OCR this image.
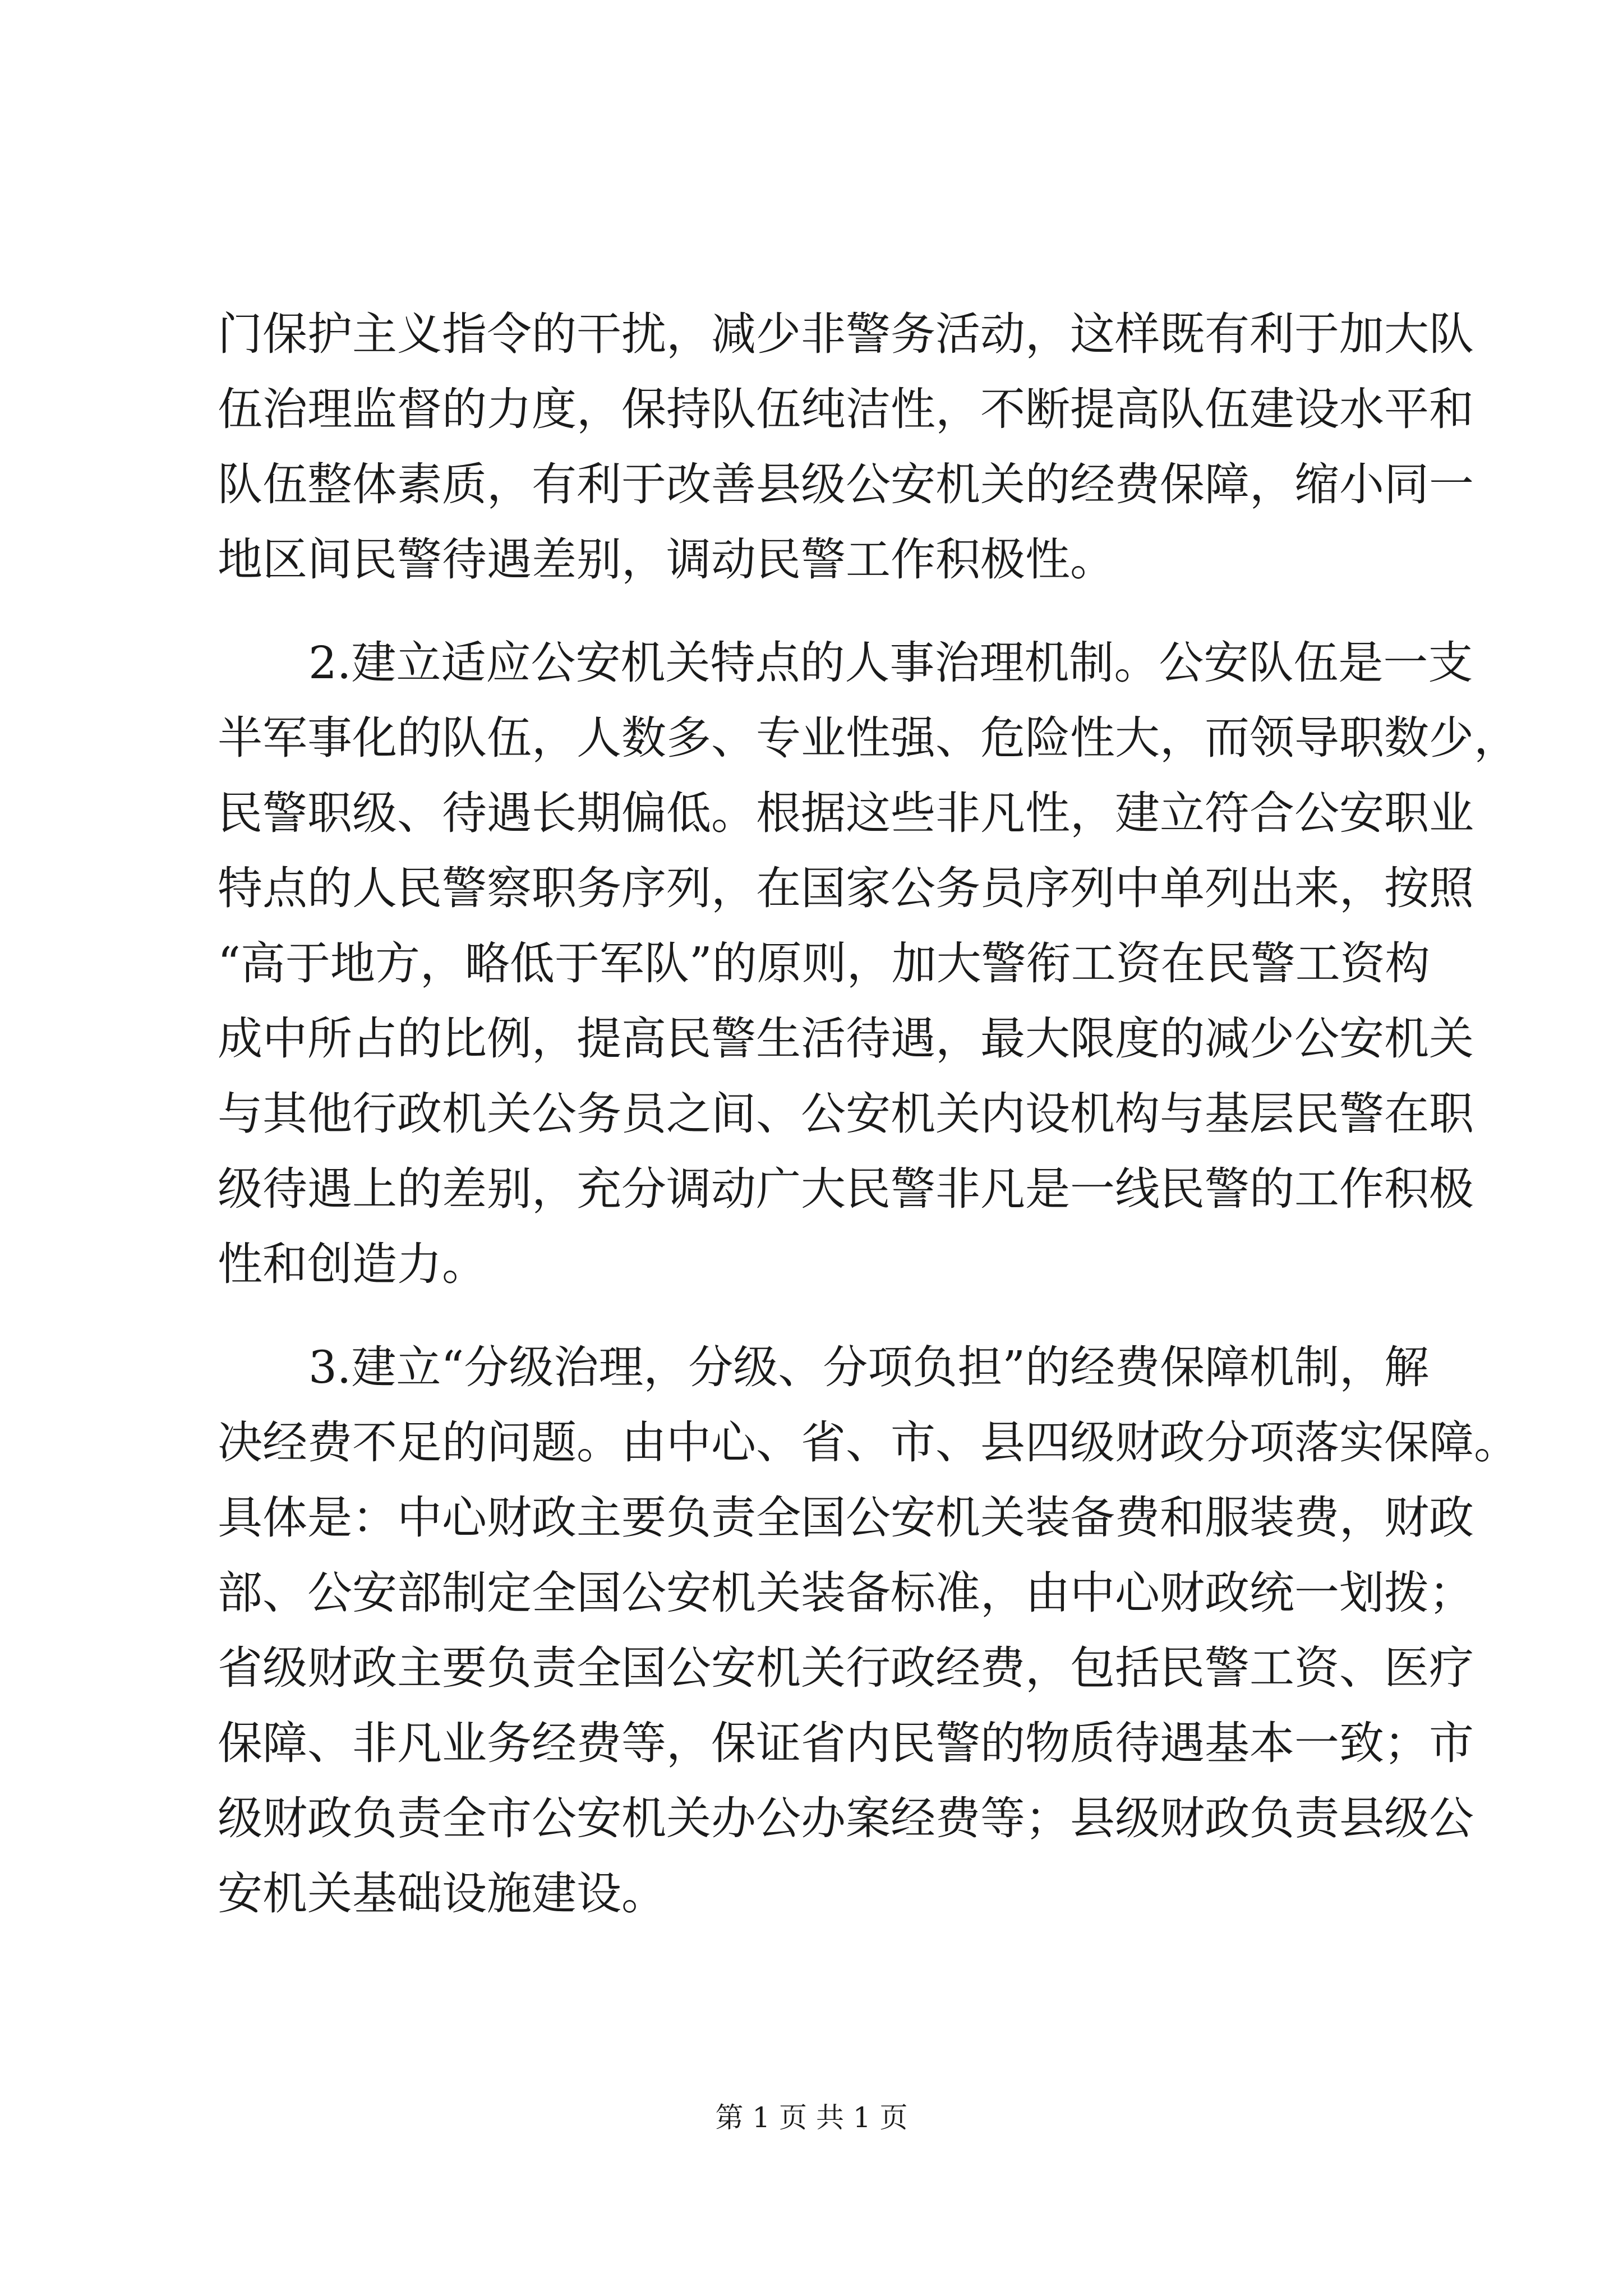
门保护主义指令的干扰，减少非警务活动，这样既有利于加大队
伍治理监督的力度，保持队伍纯洁性，不断提高队伍建设水平和
队伍整体素质，有利于改善县级公安机关的经费保障，缩小同一
地区间民警待遇差别，调动民警工作积极性。
2.建立适应公安机关特点的人事治理机制。公安队伍是一支
半军事化的队伍，人数多、专业性强、危险性大，而领导职数少，
民警职级、待遇长期偏低。根据这些非凡性，建立符合公安职业
特点的人民警察职务序列，在国家公务员序列中单列出来，按照
“高于地方，略低于军队”的原则，加大警衔工资在民警工资构
成中所占的比例，提高民警生活待遇，最大限度的减少公安机关
与其他行政机关公务员之间、公安机关内设机构与基层民警在职
级待遇上的差别，充分调动广大民警非凡是一线民警的工作积极
性和创造力。
3.建立“分级治理，分级、分项负担”的经费保障机制，解
决经费不足的问题。由中心、省、市、县四级财政分项落实保障。
具体是：中心财政主要负责全国公安机关装备费和服装费，财政
部、公安部制定全国公安机关装备标准，由中心财政统一划拨；
省级财政主要负责全国公安机关行政经费，包括民警工资、医疗
保障、非凡业务经费等，保证省内民警的物质待遇基本一致；市
级财政负责全市公安机关办公办案经费等；县级财政负责县级公
安机关基础设施建设。
第 1 页 共 1 页
